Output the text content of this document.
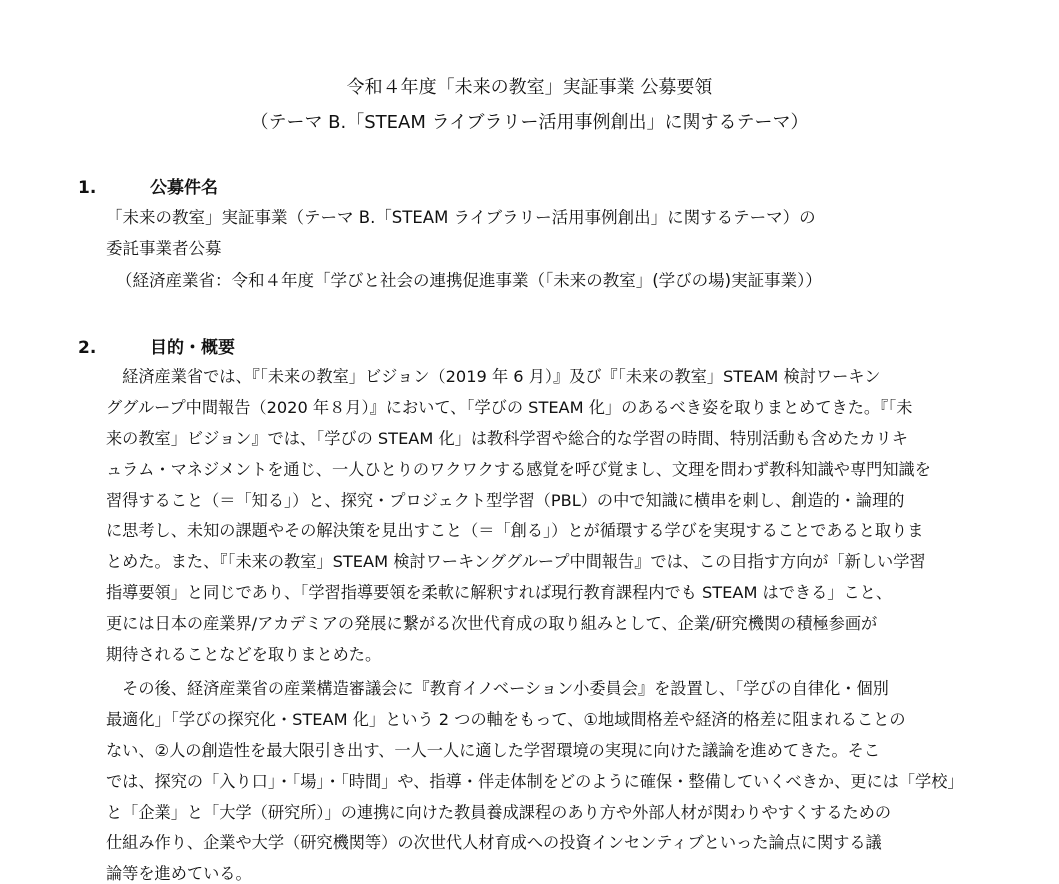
令和４年度「未来の教室」実証事業 公募要領
（テーマ B.「STEAM ライブラリー活用事例創出」に関するテーマ）
1.	公募件名
「未来の教室」実証事業（テーマ B.「STEAM ライブラリー活用事例創出」に関するテーマ）の
委託事業者公募
（経済産業省：令和４年度「学びと社会の連携促進事業（「未来の教室」(学びの場)実証事業））
2.	目的・概要
　経済産業省では、『「未来の教室」ビジョン（2019 年 6 月）』及び『「未来の教室」STEAM 検討ワーキン
ググループ中間報告（2020 年８月）』において、「学びの STEAM 化」のあるべき姿を取りまとめてきた。『「未
来の教室」ビジョン』では、「学びの STEAM 化」は教科学習や総合的な学習の時間、特別活動も含めたカリキ
ュラム・マネジメントを通じ、一人ひとりのワクワクする感覚を呼び覚まし、文理を問わず教科知識や専門知識を
習得すること（＝「知る」）と、探究・プロジェクト型学習（PBL）の中で知識に横串を刺し、創造的・論理的
に思考し、未知の課題やその解決策を見出すこと（＝「創る」）とが循環する学びを実現することであると取りま
とめた。また、『「未来の教室」STEAM 検討ワーキンググループ中間報告』では、この目指す方向が「新しい学習
指導要領」と同じであり、「学習指導要領を柔軟に解釈すれば現行教育課程内でも STEAM はできる」こと、
更には日本の産業界/アカデミアの発展に繋がる次世代育成の取り組みとして、企業/研究機関の積極参画が
期待されることなどを取りまとめた。
　その後、経済産業省の産業構造審議会に『教育イノベーション小委員会』を設置し、「学びの自律化・個別
最適化」「学びの探究化・STEAM 化」という 2 つの軸をもって、①地域間格差や経済的格差に阻まれることの
ない、②人の創造性を最大限引き出す、一人一人に適した学習環境の実現に向けた議論を進めてきた。そこ
では、探究の「入り口」・「場」・「時間」や、指導・伴走体制をどのように確保・整備していくべきか、更には「学校」
と「企業」と「大学（研究所）」の連携に向けた教員養成課程のあり方や外部人材が関わりやすくするための
仕組み作り、企業や大学（研究機関等）の次世代人材育成への投資インセンティブといった論点に関する議
論等を進めている。
